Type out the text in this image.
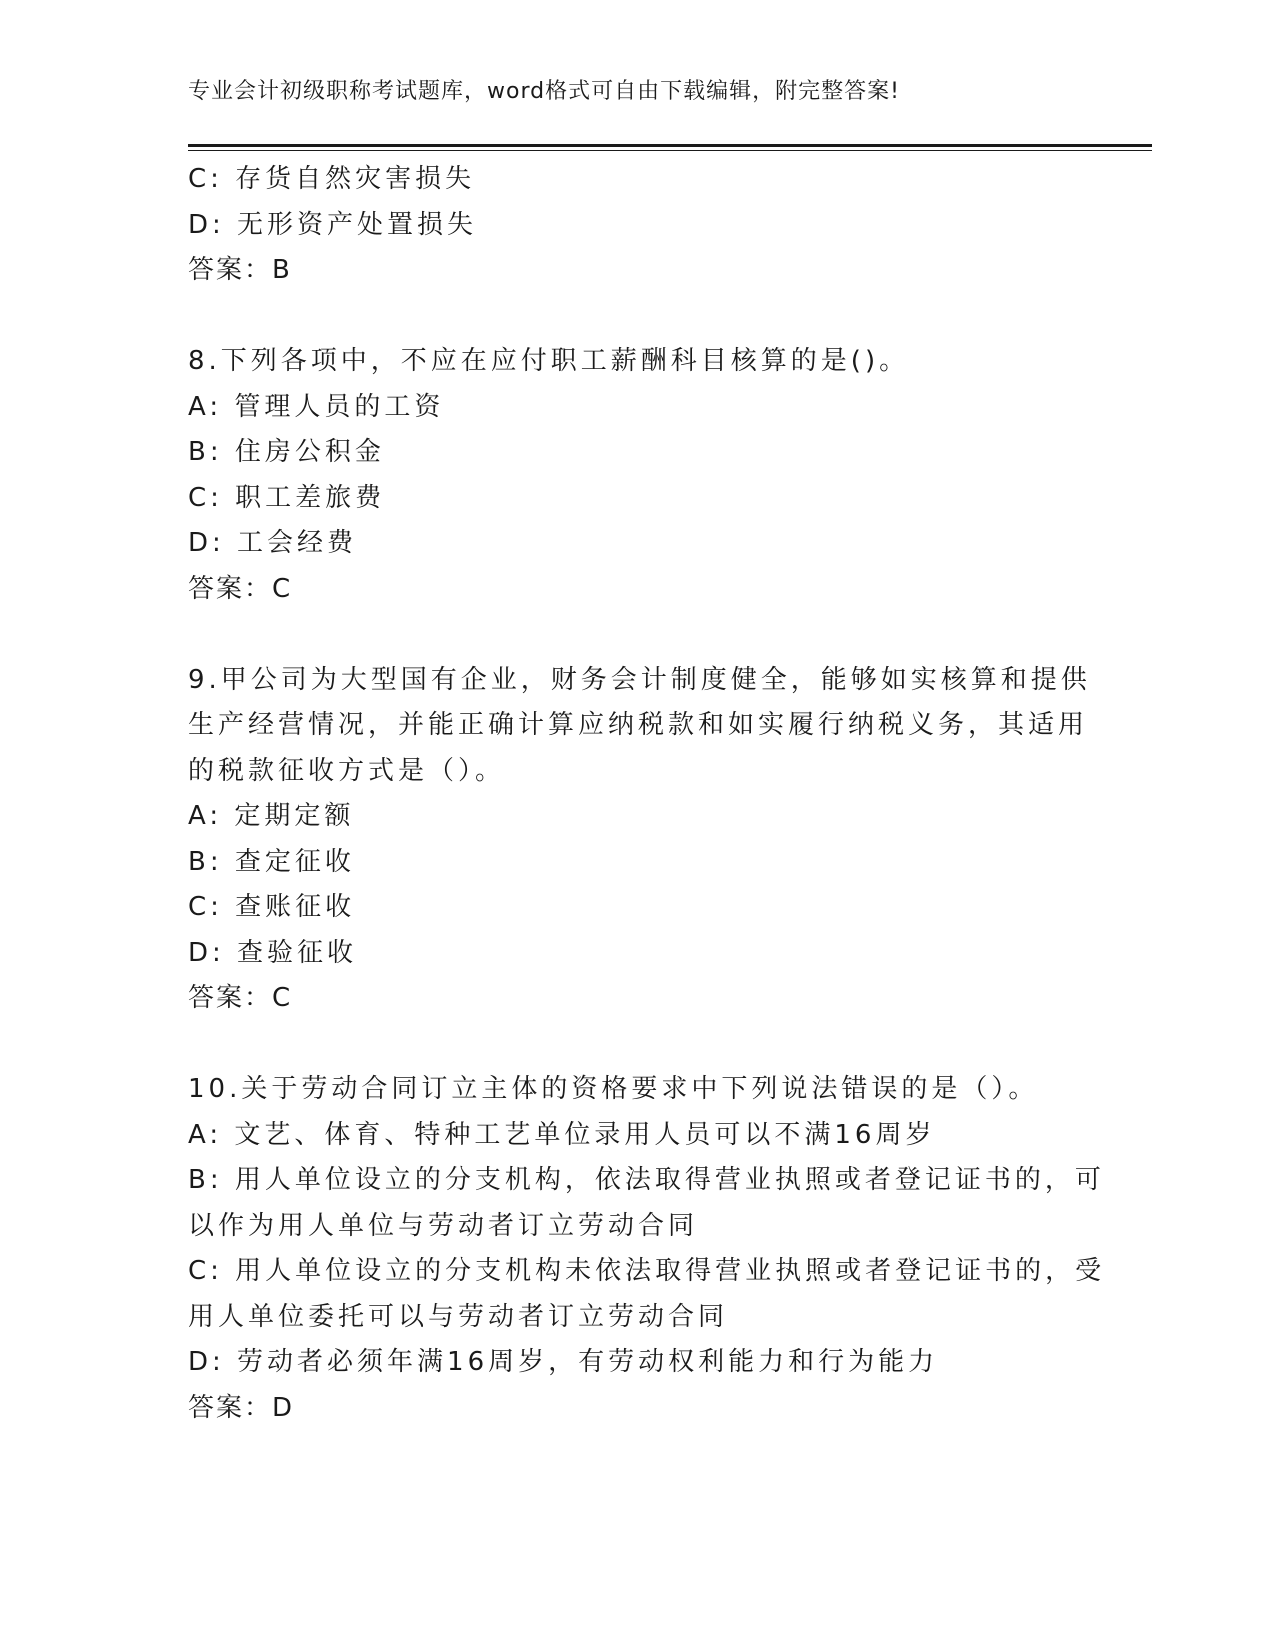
专业会计初级职称考试题库，word格式可自由下载编辑，附完整答案!
C: 存货自然灾害损失
D: 无形资产处置损失
答案：B
8.下列各项中，不应在应付职工薪酬科目核算的是()。
A: 管理人员的工资
B: 住房公积金
C: 职工差旅费
D: 工会经费
答案：C
9.甲公司为大型国有企业，财务会计制度健全，能够如实核算和提供
生产经营情况，并能正确计算应纳税款和如实履行纳税义务，其适用
的税款征收方式是（）。
A: 定期定额
B: 查定征收
C: 查账征收
D: 查验征收
答案：C
10.关于劳动合同订立主体的资格要求中下列说法错误的是（）。
A: 文艺、体育、特种工艺单位录用人员可以不满16周岁
B: 用人单位设立的分支机构，依法取得营业执照或者登记证书的，可
以作为用人单位与劳动者订立劳动合同
C: 用人单位设立的分支机构未依法取得营业执照或者登记证书的，受
用人单位委托可以与劳动者订立劳动合同
D: 劳动者必须年满16周岁，有劳动权利能力和行为能力
答案：D
